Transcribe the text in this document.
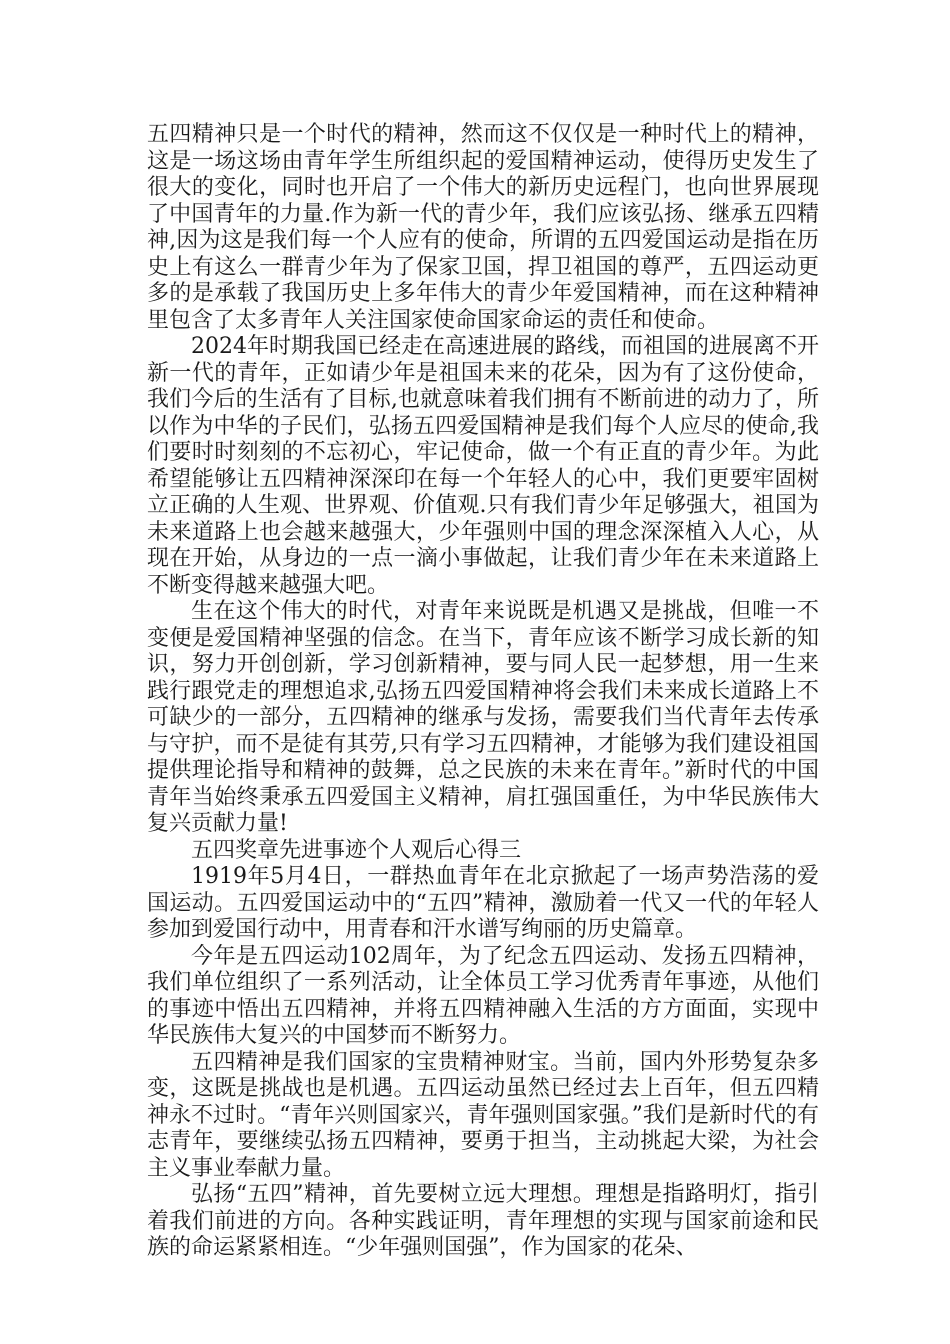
五四精神只是一个时代的精神，然而这不仅仅是一种时代上的精神，这是一场这场由青年学生所组织起的爱国精神运动，使得历史发生了很大的变化，同时也开启了一个伟大的新历史远程门，也向世界展现了中国青年的力量.作为新一代的青少年，我们应该弘扬、继承五四精神,因为这是我们每一个人应有的使命，所谓的五四爱国运动是指在历史上有这么一群青少年为了保家卫国，捍卫祖国的尊严，五四运动更多的是承载了我国历史上多年伟大的青少年爱国精神，而在这种精神里包含了太多青年人关注国家使命国家命运的责任和使命。

2024年时期我国已经走在高速进展的路线，而祖国的进展离不开新一代的青年，正如请少年是祖国未来的花朵，因为有了这份使命，我们今后的生活有了目标,也就意味着我们拥有不断前进的动力了，所以作为中华的子民们，弘扬五四爱国精神是我们每个人应尽的使命,我们要时时刻刻的不忘初心，牢记使命，做一个有正直的青少年。为此希望能够让五四精神深深印在每一个年轻人的心中，我们更要牢固树立正确的人生观、世界观、价值观.只有我们青少年足够强大，祖国为未来道路上也会越来越强大，少年强则中国的理念深深植入人心，从现在开始，从身边的一点一滴小事做起，让我们青少年在未来道路上不断变得越来越强大吧。

生在这个伟大的时代，对青年来说既是机遇又是挑战，但唯一不变便是爱国精神坚强的信念。在当下，青年应该不断学习成长新的知识，努力开创创新，学习创新精神，要与同人民一起梦想，用一生来践行跟党走的理想追求,弘扬五四爱国精神将会我们未来成长道路上不可缺少的一部分，五四精神的继承与发扬，需要我们当代青年去传承与守护，而不是徒有其劳,只有学习五四精神，才能够为我们建设祖国提供理论指导和精神的鼓舞，总之民族的未来在青年。”新时代的中国青年当始终秉承五四爱国主义精神，肩扛强国重任，为中华民族伟大复兴贡献力量!

五四奖章先进事迹个人观后心得三

1919年5月4日，一群热血青年在北京掀起了一场声势浩荡的爱国运动。五四爱国运动中的“五四”精神，激励着一代又一代的年轻人参加到爱国行动中，用青春和汗水谱写绚丽的历史篇章。

今年是五四运动102周年，为了纪念五四运动、发扬五四精神，我们单位组织了一系列活动，让全体员工学习优秀青年事迹，从他们的事迹中悟出五四精神，并将五四精神融入生活的方方面面，实现中华民族伟大复兴的中国梦而不断努力。

五四精神是我们国家的宝贵精神财宝。当前，国内外形势复杂多变，这既是挑战也是机遇。五四运动虽然已经过去上百年，但五四精神永不过时。“青年兴则国家兴，青年强则国家强。”我们是新时代的有志青年，要继续弘扬五四精神，要勇于担当，主动挑起大梁，为社会主义事业奉献力量。

弘扬“五四”精神，首先要树立远大理想。理想是指路明灯，指引着我们前进的方向。各种实践证明，青年理想的实现与国家前途和民族的命运紧紧相连。“少年强则国强”，作为国家的花朵、
